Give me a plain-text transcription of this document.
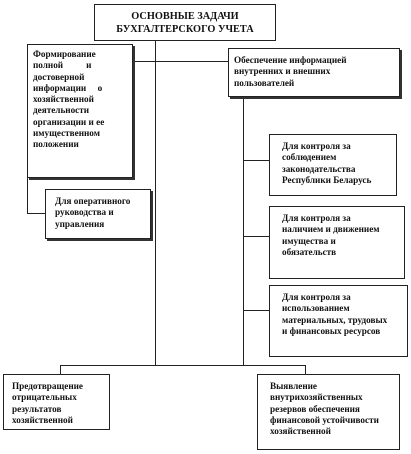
ОСНОВНЫЕ ЗАДАЧИ
БУХГАЛТЕРСКОГО УЧЕТА
Формирование
полной          и
достоверной
информации     о
хозяйственной
деятельности
организации и ее
имущественном
положении
Для оперативного
руководства и
управления
Обеспечение информацией
внутренних и внешних
пользователей
Для контроля за
соблюдением
законодательства
Республики Беларусь
Для контроля за
наличием и движением
имущества и
обязательств
Для контроля за
использованием
материальных, трудовых
и финансовых ресурсов
Предотвращение
отрицательных
результатов
хозяйственной
Выявление
внутрихозяйственных
резервов обеспечения
финансовой устойчивости
хозяйственной
